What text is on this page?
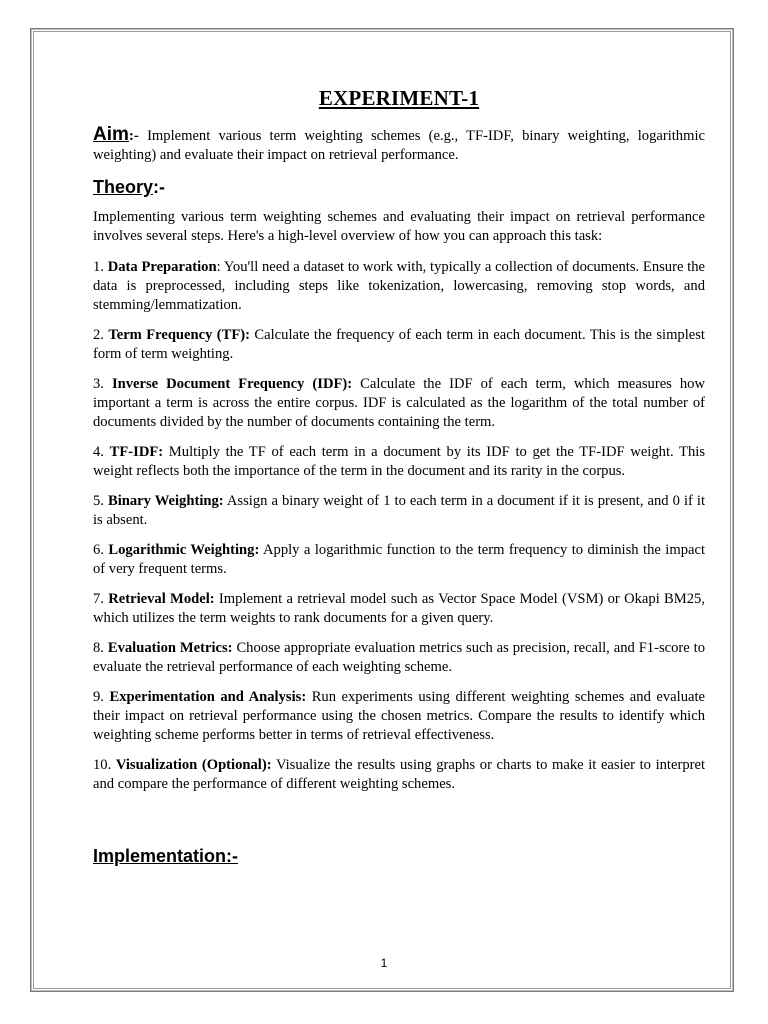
EXPERIMENT-1

Aim:- Implement various term weighting schemes (e.g., TF-IDF, binary weighting, logarithmic weighting) and evaluate their impact on retrieval performance.

Theory:-

Implementing various term weighting schemes and evaluating their impact on retrieval performance involves several steps. Here's a high-level overview of how you can approach this task:

1. Data Preparation: You'll need a dataset to work with, typically a collection of documents. Ensure the data is preprocessed, including steps like tokenization, lowercasing, removing stop words, and stemming/lemmatization.
2. Term Frequency (TF): Calculate the frequency of each term in each document. This is the simplest form of term weighting.
3. Inverse Document Frequency (IDF): Calculate the IDF of each term, which measures how important a term is across the entire corpus. IDF is calculated as the logarithm of the total number of documents divided by the number of documents containing the term.
4. TF-IDF: Multiply the TF of each term in a document by its IDF to get the TF-IDF weight. This weight reflects both the importance of the term in the document and its rarity in the corpus.
5. Binary Weighting: Assign a binary weight of 1 to each term in a document if it is present, and 0 if it is absent.
6. Logarithmic Weighting: Apply a logarithmic function to the term frequency to diminish the impact of very frequent terms.
7. Retrieval Model: Implement a retrieval model such as Vector Space Model (VSM) or Okapi BM25, which utilizes the term weights to rank documents for a given query.
8. Evaluation Metrics: Choose appropriate evaluation metrics such as precision, recall, and F1-score to evaluate the retrieval performance of each weighting scheme.
9. Experimentation and Analysis: Run experiments using different weighting schemes and evaluate their impact on retrieval performance using the chosen metrics. Compare the results to identify which weighting scheme performs better in terms of retrieval effectiveness.
10. Visualization (Optional): Visualize the results using graphs or charts to make it easier to interpret and compare the performance of different weighting schemes.
Implementation:-
1
